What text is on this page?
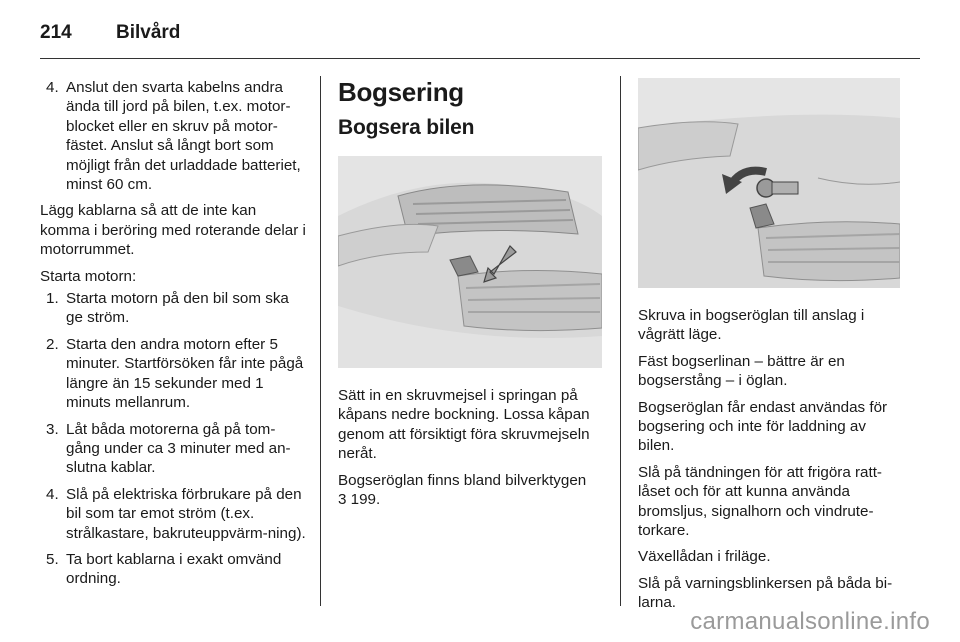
214 Bilvård
4. Anslut den svarta kabelns andra ända till jord på bilen, t.ex. motor-blocket eller en skruv på motor-fästet. Anslut så långt bort som möjligt från det urladdade batteriet, minst 60 cm.

Lägg kablarna så att de inte kan komma i beröring med roterande delar i motorrummet.

Starta motorn:

1. Starta motorn på den bil som ska ge ström.
2. Starta den andra motorn efter 5 minuter. Startförsöken får inte pågå längre än 15 sekunder med 1 minuts mellanrum.
3. Låt båda motorerna gå på tom-gång under ca 3 minuter med an-slutna kablar.
4. Slå på elektriska förbrukare på den bil som tar emot ström (t.ex. strålkastare, bakruteuppvärm-ning).
5. Ta bort kablarna i exakt omvänd ordning.
Bogsering
Bogsera bilen

Sätt in en skruvmejsel i springan på kåpans nedre bockning. Lossa kåpan genom att försiktigt föra skruvmejseln neråt.

Bogseröglan finns bland bilverktygen
3 199.

Skruva in bogseröglan till anslag i vågrätt läge.

Fäst bogserlinan – bättre är en bogserstång – i öglan.

Bogseröglan får endast användas för bogsering och inte för laddning av bilen.

Slå på tändningen för att frigöra ratt-låset och för att kunna använda bromsljus, signalhorn och vindrute-torkare.

Växellådan i friläge.

Slå på varningsblinkersen på båda bi-larna.

carmanualsonline.info
